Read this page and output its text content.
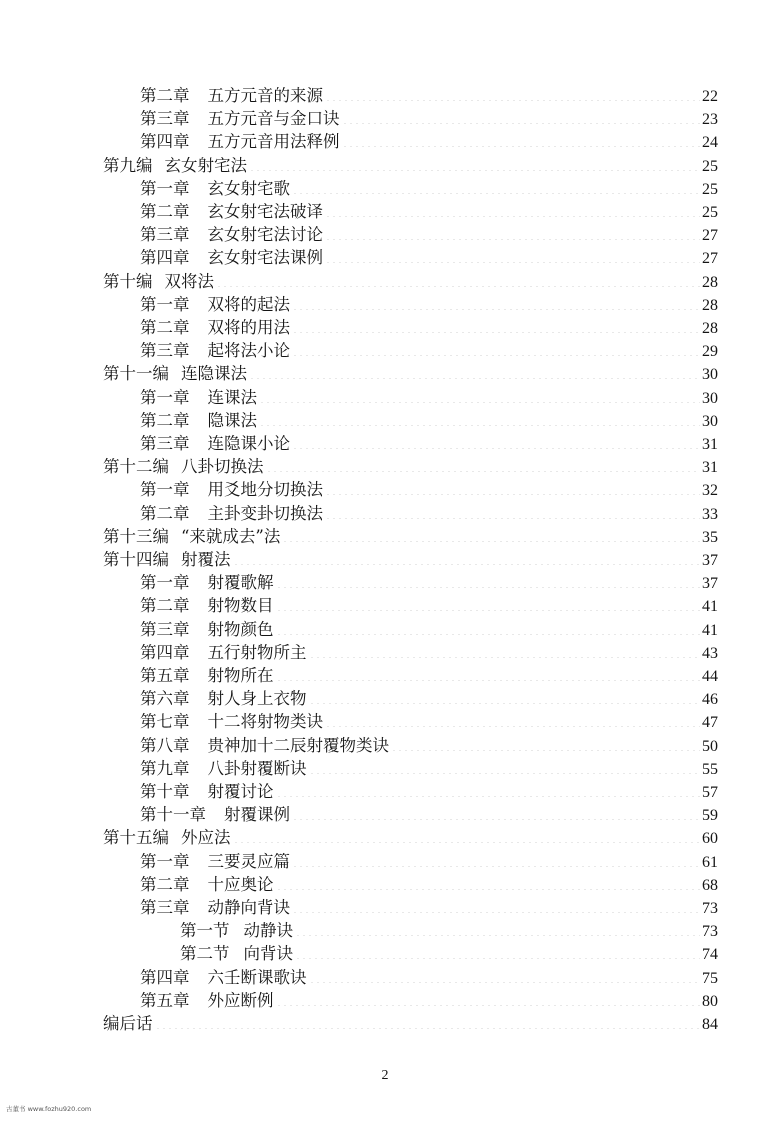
第二章 五方元音的来源	22
第三章 五方元音与金口诀	23
第四章 五方元音用法释例	24
第九编 玄女射宅法	25
第一章 玄女射宅歌	25
第二章 玄女射宅法破译	25
第三章 玄女射宅法讨论	27
第四章 玄女射宅法课例	27
第十编 双将法	28
第一章 双将的起法	28
第二章 双将的用法	28
第三章 起将法小论	29
第十一编 连隐课法	30
第一章 连课法	30
第二章 隐课法	30
第三章 连隐课小论	31
第十二编 八卦切换法	31
第一章 用爻地分切换法	32
第二章 主卦变卦切换法	33
第十三编 “来就成去”法	35
第十四编 射覆法	37
第一章 射覆歌解	37
第二章 射物数目	41
第三章 射物颜色	41
第四章 五行射物所主	43
第五章 射物所在	44
第六章 射人身上衣物	46
第七章 十二将射物类诀	47
第八章 贵神加十二辰射覆物类诀	50
第九章 八卦射覆断诀	55
第十章 射覆讨论	57
第十一章 射覆课例	59
第十五编 外应法	60
第一章 三要灵应篇	61
第二章 十应奥论	68
第三章 动静向背诀	73
第一节 动静诀	73
第二节 向背诀	74
第四章 六壬断课歌诀	75
第五章 外应断例	80
编后话	84
2
古董书 www.fozhu920.com
